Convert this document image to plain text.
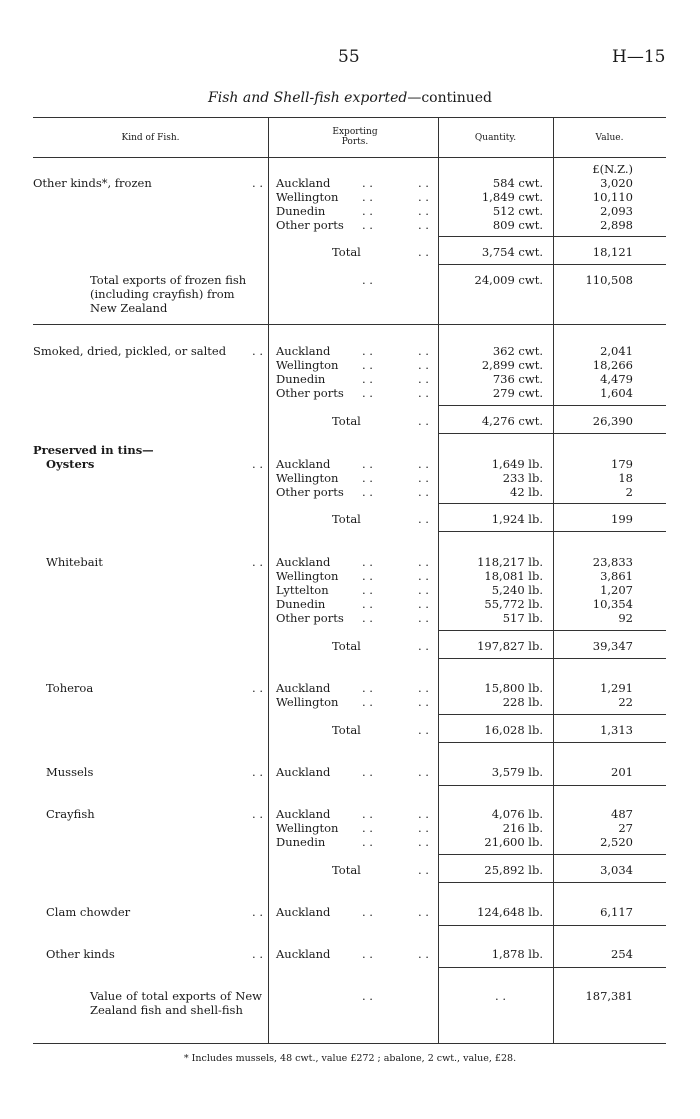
55	H—15
Fish and Shell-fish exported—continued
Kind of Fish.
Exporting Ports.	Quantity.	Value.
£(N.Z.)
Other kinds*, frozen	. . Auckland	. .	. .	584 cwt.	3,020
Wellington . .	. .	1,849 cwt.	10,110
Dunedin	. .	. .	512 cwt.	2,093
Other ports . .	. .	809 cwt.	2,898
Total	. .	3,754 cwt.	18,121
Total exports of frozen fish (including crayfish) from New Zealand
. .	24,009 cwt.	110,508
Smoked, dried, pickled, or salted	. . Auckland	. .	. .	362 cwt.	2,041
Wellington . .	. .	2,899 cwt.	18,266
Dunedin	. .	. .	736 cwt.	4,479
Other ports . .	. .	279 cwt.	1,604
Total	. .	4,276 cwt.	26,390
Preserved in tins—
Oysters	. . Auckland	. .	. .	1,649 lb.	179
Wellington . .	. .	233 lb.	18
Other ports . .	. .	42 lb.	2
Total	. .	1,924 lb.	199
Whitebait	. . Auckland	. .	. .	118,217 lb.	23,833
Wellington . .	. .	18,081 lb.	3,861
Lyttelton	. .	. .	5,240 lb.	1,207
Dunedin	. .	. .	55,772 lb.	10,354
Other ports . .	. .	517 lb.	92
Total	. .	197,827 lb.	39,347
Toheroa	. . Auckland	. .	. .	15,800 lb.	1,291
Wellington . .	. .	228 lb.	22
Total	. .	16,028 lb.	1,313
Mussels	. . Auckland	. .	. .	3,579 lb.	201
Crayfish	. . Auckland	. .	. .	4,076 lb.	487
Wellington . .	. .	216 lb.	27
Dunedin	. .	. .	21,600 lb.	2,520
Total	. .	25,892 lb.	3,034
Clam chowder	. . Auckland	. .	. .	124,648 lb.	6,117
Other kinds	. . Auckland	. .	. .	1,878 lb.	254
Value of total exports of New Zealand fish and shell-fish
. .	. .	187,381
* Includes mussels, 48 cwt., value £272 ; abalone, 2 cwt., value, £28.
